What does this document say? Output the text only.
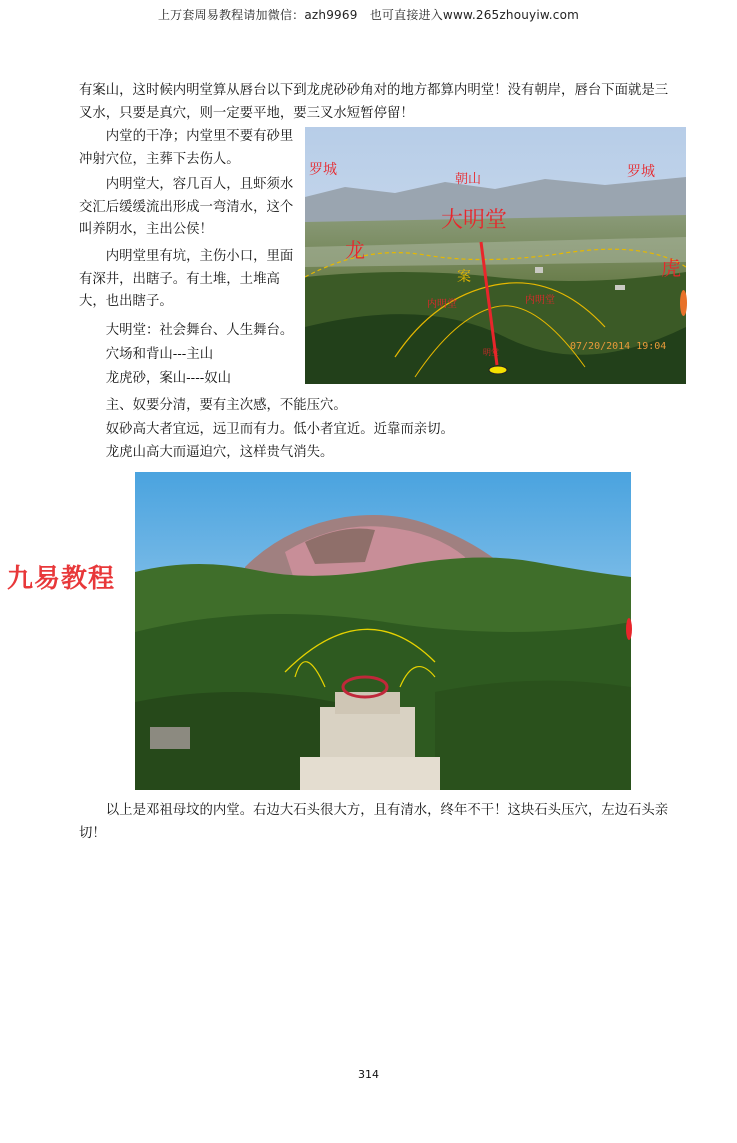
上万套周易教程请加微信：azh9969　也可直接进入www.265zhouyiw.com

有案山，这时候内明堂算从唇台以下到龙虎砂砂角对的地方都算内明堂！没有朝岸，唇台下面就是三叉水，只要是真穴，则一定要平地，要三叉水短暂停留！

内堂的干净；内堂里不要有砂里冲射穴位，主葬下去伤人。

内明堂大，容几百人，且虾须水交汇后缓缓流出形成一弯清水，这个叫养阴水，主出公侯！

内明堂里有坑，主伤小口，里面有深井，出瞎子。有土堆，土堆高大，也出瞎子。

大明堂：社会舞台、人生舞台。

穴场和背山---主山

龙虎砂，案山----奴山

主、奴要分清，要有主次感，不能压穴。

奴砂高大者宜远，远卫而有力。低小者宜近。近靠而亲切。

龙虎山高大而逼迫穴，这样贵气消失。

罗城
朝山	罗城
大明堂
龙
虎
案
内明堂	内明堂
07/20/2014 19:04
明堂
九易教程

以上是邓祖母坟的内堂。右边大石头很大方，且有清水，终年不干！这块石头压穴，左边石头亲切！

314
